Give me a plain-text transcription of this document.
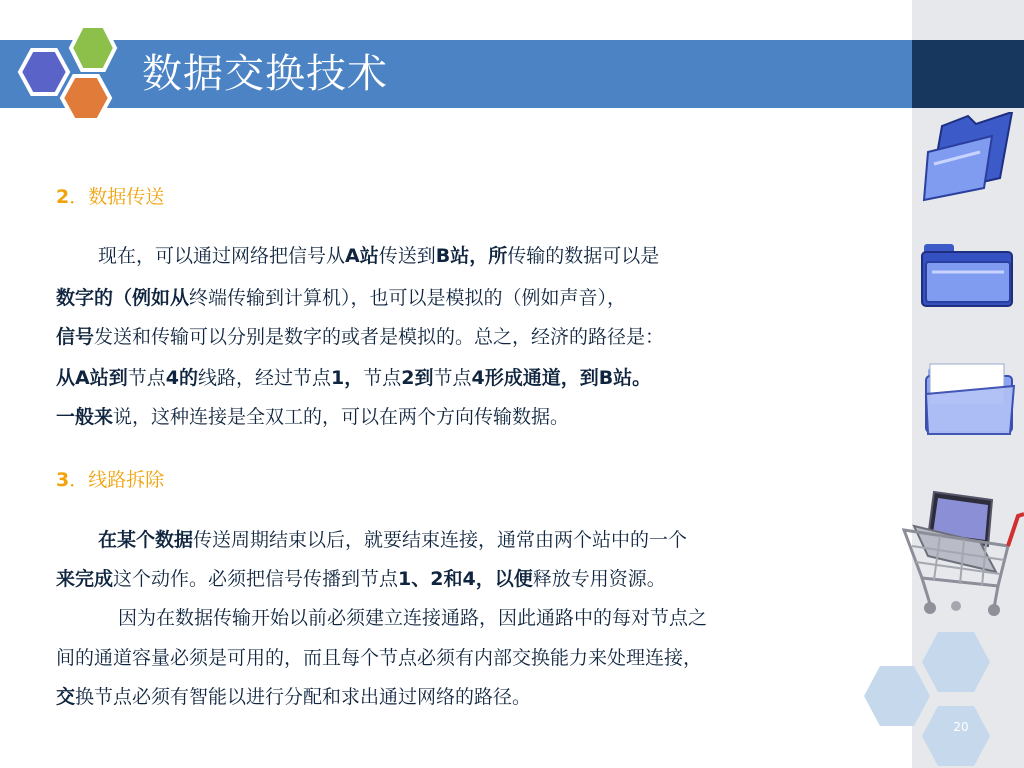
数据交换技术
2．数据传送
现在，可以通过网络把信号从A站传送到B站，所传输的数据可以是
数字的（例如从终端传输到计算机），也可以是模拟的（例如声音），
信号发送和传输可以分别是数字的或者是模拟的。总之，经济的路径是：
从A站到节点4的线路，经过节点1，节点2到节点4形成通道，到B站。
一般来说，这种连接是全双工的，可以在两个方向传输数据。
3．线路拆除
在某个数据传送周期结束以后，就要结束连接，通常由两个站中的一个
来完成这个动作。必须把信号传播到节点1、2和4，以便释放专用资源。
因为在数据传输开始以前必须建立连接通路，因此通路中的每对节点之
间的通道容量必须是可用的，而且每个节点必须有内部交换能力来处理连接，
交换节点必须有智能以进行分配和求出通过网络的路径。
20
